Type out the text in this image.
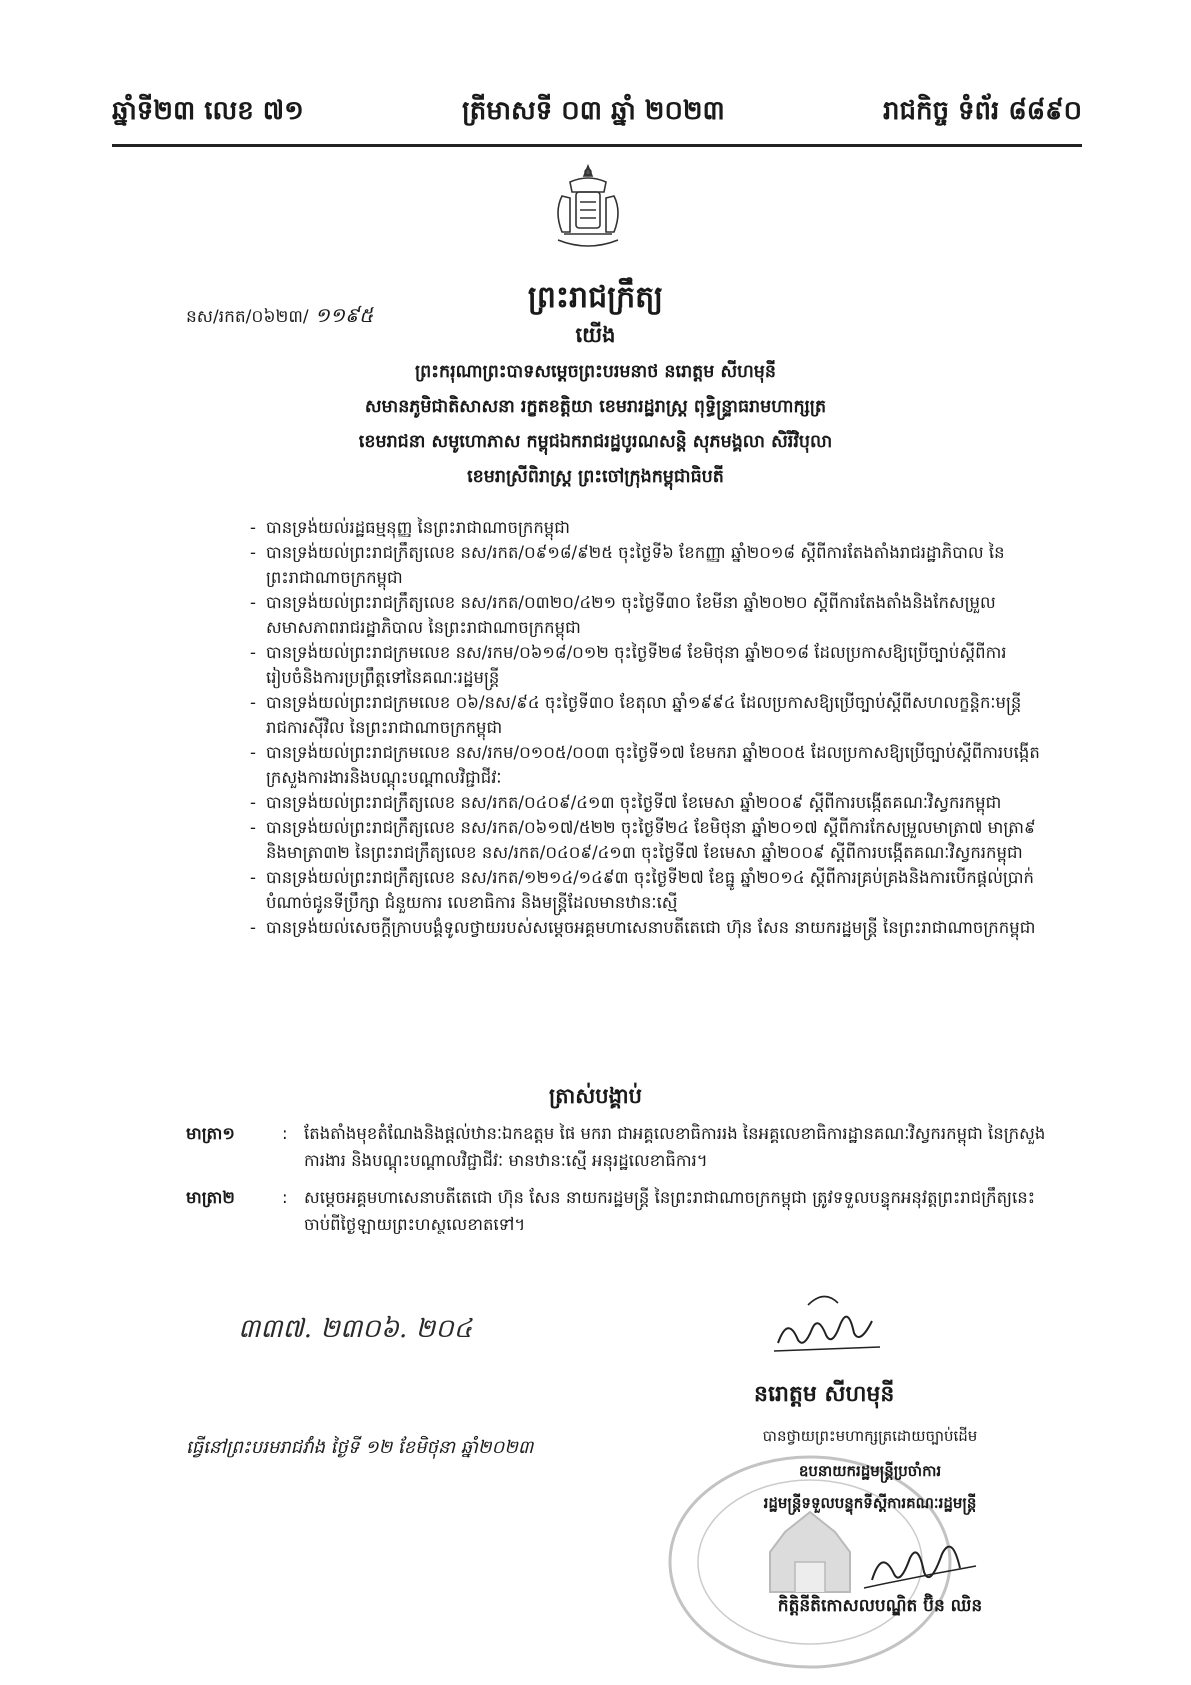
ឆ្នាំទី២៣ លេខ ៧១	ត្រីមាសទី ០៣ ឆ្នាំ ២០២៣	រាជកិច្ច ទំព័រ ៨៨៩០
ព្រះរាជក្រឹត្យ
នស/រកត/០៦២៣/ ១១៩៥
យើង
ព្រះករុណាព្រះបាទសម្ដេចព្រះបរមនាថ នរោត្ដម សីហមុនី
សមានភូមិជាតិសាសនា រក្ខតខត្តិយា ខេមរារដ្ឋរាស្ត្រ ពុទ្ធិន្ទ្រាធរាមហាក្សត្រ
ខេមរាជនា សមូហោភាស កម្ពុជឯករាជរដ្ឋបូរណសន្តិ សុភមង្គលា សិរីវិបុលា
ខេមរាស្រីពិរាស្ត្រ ព្រះចៅក្រុងកម្ពុជាធិបតី
- បានទ្រង់យល់រដ្ឋធម្មនុញ្ញ នៃព្រះរាជាណាចក្រកម្ពុជា
- បានទ្រង់យល់ព្រះរាជក្រឹត្យលេខ នស/រកត/០៩១៨/៩២៥ ចុះថ្ងៃទី៦ ខែកញ្ញា ឆ្នាំ២០១៨ ស្ដីពីការតែងតាំងរាជរដ្ឋាភិបាល នៃព្រះរាជាណាចក្រកម្ពុជា
- បានទ្រង់យល់ព្រះរាជក្រឹត្យលេខ នស/រកត/០៣២០/៤២១ ចុះថ្ងៃទី៣០ ខែមីនា ឆ្នាំ២០២០ ស្ដីពីការតែងតាំងនិងកែសម្រួលសមាសភាពរាជរដ្ឋាភិបាល នៃព្រះរាជាណាចក្រកម្ពុជា
- បានទ្រង់យល់ព្រះរាជក្រមលេខ នស/រកម/០៦១៨/០១២ ចុះថ្ងៃទី២៨ ខែមិថុនា ឆ្នាំ២០១៨ ដែលប្រកាសឱ្យប្រើច្បាប់ស្ដីពីការរៀបចំនិងការប្រព្រឹត្តទៅនៃគណៈរដ្ឋមន្ត្រី
- បានទ្រង់យល់ព្រះរាជក្រមលេខ ០៦/នស/៩៤ ចុះថ្ងៃទី៣០ ខែតុលា ឆ្នាំ១៩៩៤ ដែលប្រកាសឱ្យប្រើច្បាប់ស្ដីពីសហលក្ខន្តិកៈមន្ត្រីរាជការស៊ីវិល នៃព្រះរាជាណាចក្រកម្ពុជា
- បានទ្រង់យល់ព្រះរាជក្រមលេខ នស/រកម/០១០៥/០០៣ ចុះថ្ងៃទី១៧ ខែមករា ឆ្នាំ២០០៥ ដែលប្រកាសឱ្យប្រើច្បាប់ស្ដីពីការបង្កើតក្រសួងការងារនិងបណ្ដុះបណ្ដាលវិជ្ជាជីវៈ
- បានទ្រង់យល់ព្រះរាជក្រឹត្យលេខ នស/រកត/០៤០៩/៤១៣ ចុះថ្ងៃទី៧ ខែមេសា ឆ្នាំ២០០៩ ស្ដីពីការបង្កើតគណៈវិស្វករកម្ពុជា
- បានទ្រង់យល់ព្រះរាជក្រឹត្យលេខ នស/រកត/០៦១៧/៥២២ ចុះថ្ងៃទី២៤ ខែមិថុនា ឆ្នាំ២០១៧ ស្ដីពីការកែសម្រួលមាត្រា៧ មាត្រា៩ និងមាត្រា៣២ នៃព្រះរាជក្រឹត្យលេខ នស/រកត/០៤០៩/៤១៣ ចុះថ្ងៃទី៧ ខែមេសា ឆ្នាំ២០០៩ ស្ដីពីការបង្កើតគណៈវិស្វករកម្ពុជា
- បានទ្រង់យល់ព្រះរាជក្រឹត្យលេខ នស/រកត/១២១៤/១៤៩៣ ចុះថ្ងៃទី២៧ ខែធ្នូ ឆ្នាំ២០១៤ ស្ដីពីការគ្រប់គ្រងនិងការបើកផ្ដល់ប្រាក់បំណាច់ជូនទីប្រឹក្សា ជំនួយការ លេខាធិការ និងមន្ត្រីដែលមានឋានៈស្មើ
- បានទ្រង់យល់សេចក្ដីក្រាបបង្គំទូលថ្វាយរបស់សម្ដេចអគ្គមហាសេនាបតីតេជោ ហ៊ុន សែន នាយករដ្ឋមន្ត្រី នៃព្រះរាជាណាចក្រកម្ពុជា
ត្រាស់បង្គាប់
មាត្រា១	: តែងតាំងមុខតំណែងនិងផ្ដល់ឋានៈឯកឧត្ដម ផៃ មករា ជាអគ្គលេខាធិការរង នៃអគ្គលេខាធិការដ្ឋានគណៈវិស្វករកម្ពុជា នៃក្រសួងការងារ និងបណ្ដុះបណ្ដាលវិជ្ជាជីវៈ មានឋានៈស្មើ អនុរដ្ឋលេខាធិការ។
មាត្រា២	: សម្ដេចអគ្គមហាសេនាបតីតេជោ ហ៊ុន សែន នាយករដ្ឋមន្ត្រី នៃព្រះរាជាណាចក្រកម្ពុជា ត្រូវទទួលបន្ទុកអនុវត្តព្រះរាជក្រឹត្យនេះ ចាប់ពីថ្ងៃឡាយព្រះហស្ថលេខាតទៅ។
៣៣៧. ២៣០៦. ២០៤
ធ្វើនៅព្រះបរមរាជវាំង ថ្ងៃទី ១២ ខែមិថុនា ឆ្នាំ២០២៣
នរោត្ដម សីហមុនី
បានថ្វាយព្រះមហាក្សត្រដោយច្បាប់ដើម
ឧបនាយករដ្ឋមន្ត្រីប្រចាំការ
រដ្ឋមន្ត្រីទទួលបន្ទុកទីស្ដីការគណៈរដ្ឋមន្ត្រី
កិត្តិនីតិកោសលបណ្ឌិត ប៊ិន ឈិន
